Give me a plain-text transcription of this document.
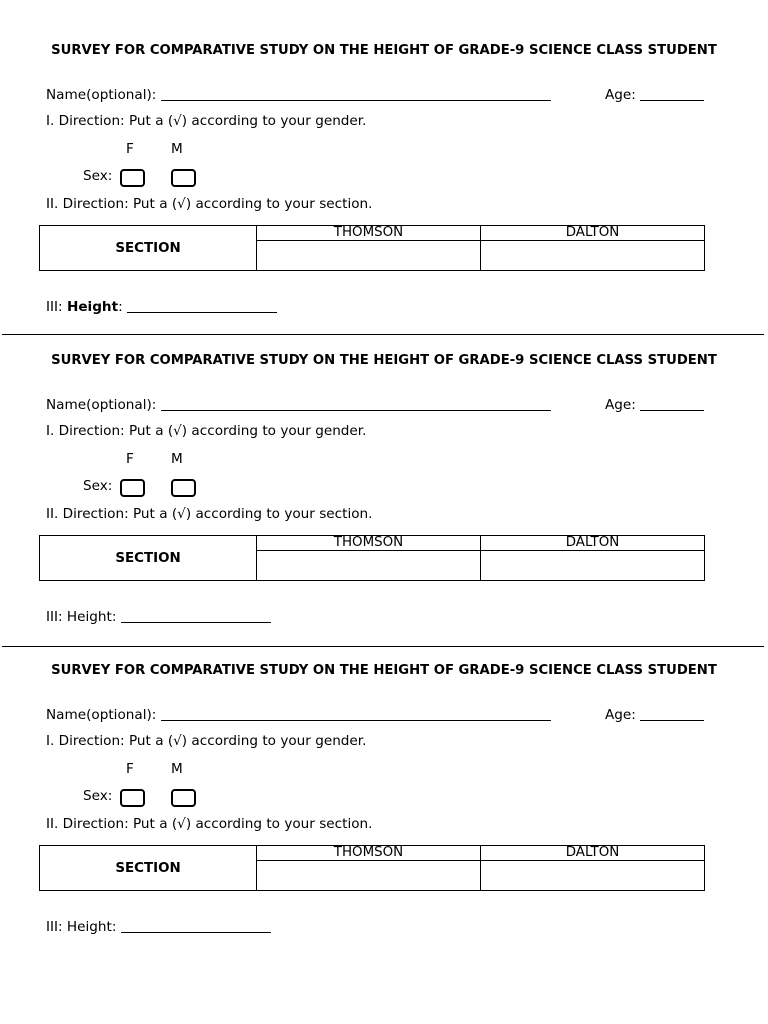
SURVEY FOR COMPARATIVE STUDY ON THE HEIGHT OF GRADE-9 SCIENCE CLASS STUDENT

Name(optional):	Age:
I. Direction: Put a (√) according to your gender.
F	M
Sex:
II. Direction: Put a (√) according to your section.
SECTION	THOMSON	DALTON

III: Height:

SURVEY FOR COMPARATIVE STUDY ON THE HEIGHT OF GRADE-9 SCIENCE CLASS STUDENT

Name(optional):	Age:
I. Direction: Put a (√) according to your gender.
F	M
Sex:
II. Direction: Put a (√) according to your section.
SECTION	THOMSON	DALTON

III: Height:

SURVEY FOR COMPARATIVE STUDY ON THE HEIGHT OF GRADE-9 SCIENCE CLASS STUDENT

Name(optional):	Age:
I. Direction: Put a (√) according to your gender.
F	M
Sex:
II. Direction: Put a (√) according to your section.
SECTION	THOMSON	DALTON

III: Height:
